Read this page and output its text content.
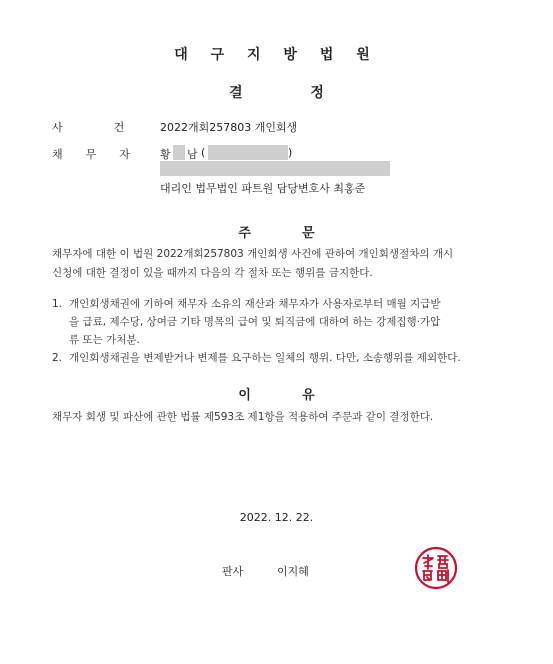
대 구 지 방 법 원
결	정
사	건	2022개회257803 개인회생
채 무 자	황 남 (	)
대리인 법무법인 파트원 담당변호사 최홍준
주	문
채무자에 대한 이 법원 2022개회257803 개인회생 사건에 관하여 개인회생절차의 개시
신청에 대한 결정이 있을 때까지 다음의 각 절차 또는 행위를 금지한다.
1. 개인회생채권에 기하여 채무자 소유의 재산과 채무자가 사용자로부터 매월 지급받
을 급료, 제수당, 상여금 기타 명목의 급여 및 퇴직금에 대하여 하는 강제집행·가압
류 또는 가처분.
2. 개인회생채권을 변제받거나 변제를 요구하는 일체의 행위. 다만, 소송행위를 제외한다.
이	유
채무자 회생 및 파산에 관한 법률 제593조 제1항을 적용하여 주문과 같이 결정한다.
2022. 12. 22.
판사	이지혜
